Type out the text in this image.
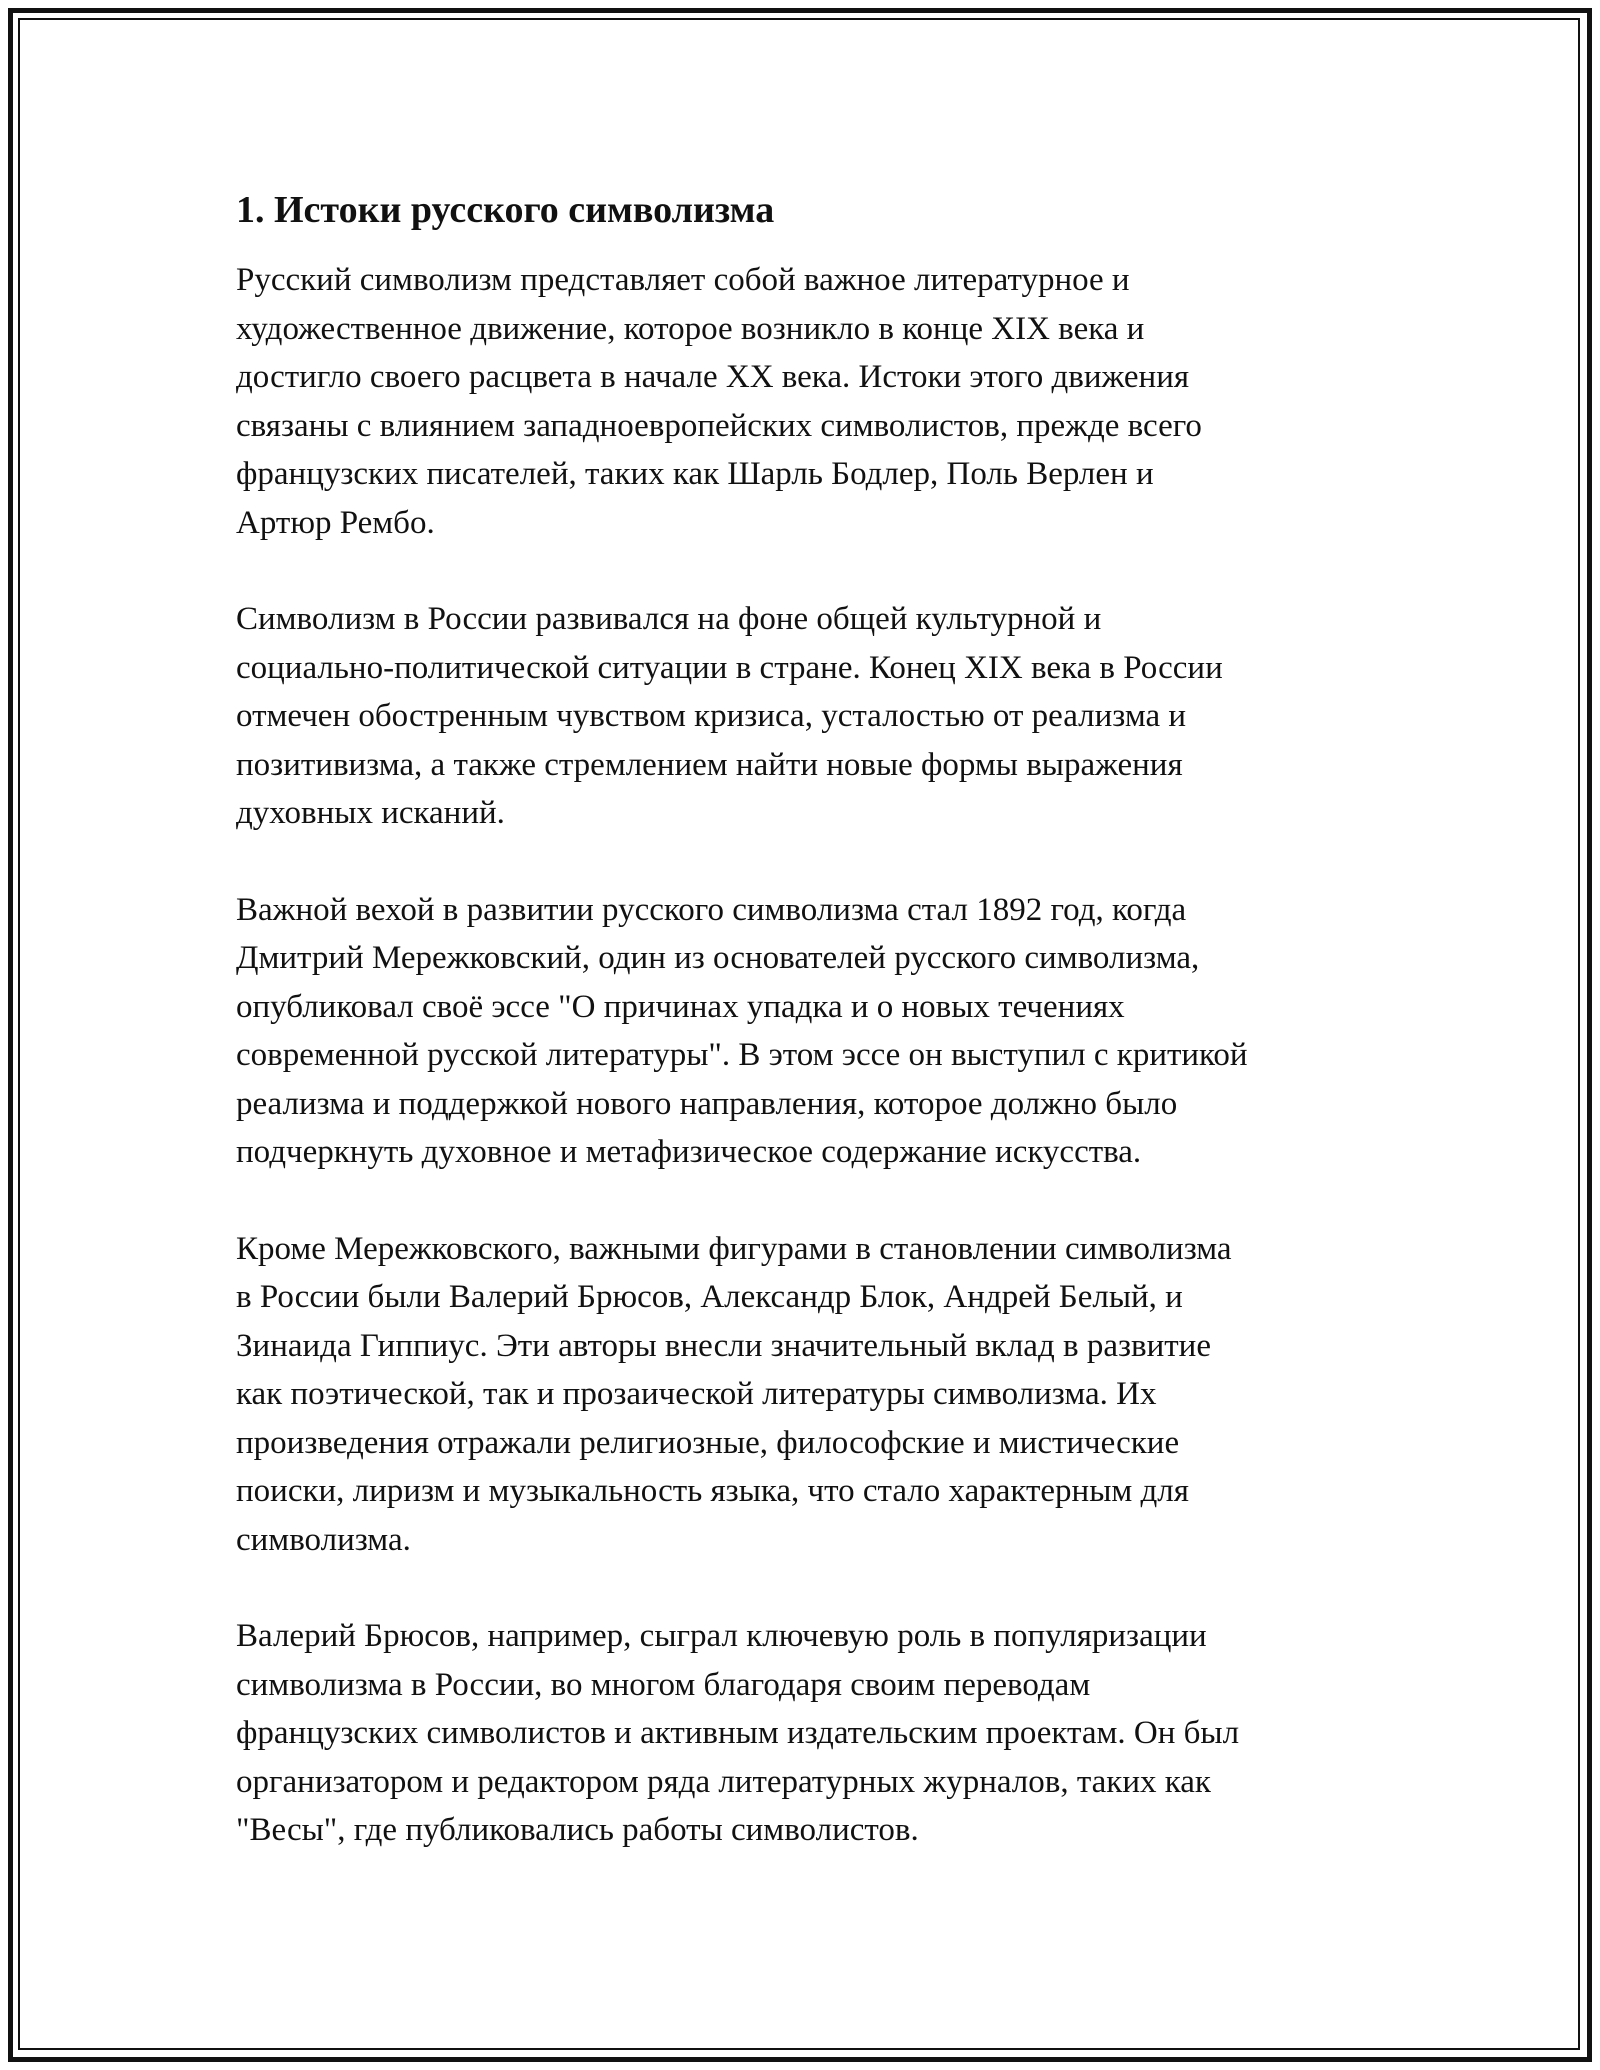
1. Истоки русского символизма

Русский символизм представляет собой важное литературное и
художественное движение, которое возникло в конце XIX века и
достигло своего расцвета в начале XX века. Истоки этого движения
связаны с влиянием западноевропейских символистов, прежде всего
французских писателей, таких как Шарль Бодлер, Поль Верлен и
Артюр Рембо.

Символизм в России развивался на фоне общей культурной и
социально-политической ситуации в стране. Конец XIX века в России
отмечен обостренным чувством кризиса, усталостью от реализма и
позитивизма, а также стремлением найти новые формы выражения
духовных исканий.

Важной вехой в развитии русского символизма стал 1892 год, когда
Дмитрий Мережковский, один из основателей русского символизма,
опубликовал своё эссе "О причинах упадка и о новых течениях
современной русской литературы". В этом эссе он выступил с критикой
реализма и поддержкой нового направления, которое должно было
подчеркнуть духовное и метафизическое содержание искусства.

Кроме Мережковского, важными фигурами в становлении символизма
в России были Валерий Брюсов, Александр Блок, Андрей Белый, и
Зинаида Гиппиус. Эти авторы внесли значительный вклад в развитие
как поэтической, так и прозаической литературы символизма. Их
произведения отражали религиозные, философские и мистические
поиски, лиризм и музыкальность языка, что стало характерным для
символизма.

Валерий Брюсов, например, сыграл ключевую роль в популяризации
символизма в России, во многом благодаря своим переводам
французских символистов и активным издательским проектам. Он был
организатором и редактором ряда литературных журналов, таких как
"Весы", где публиковались работы символистов.
